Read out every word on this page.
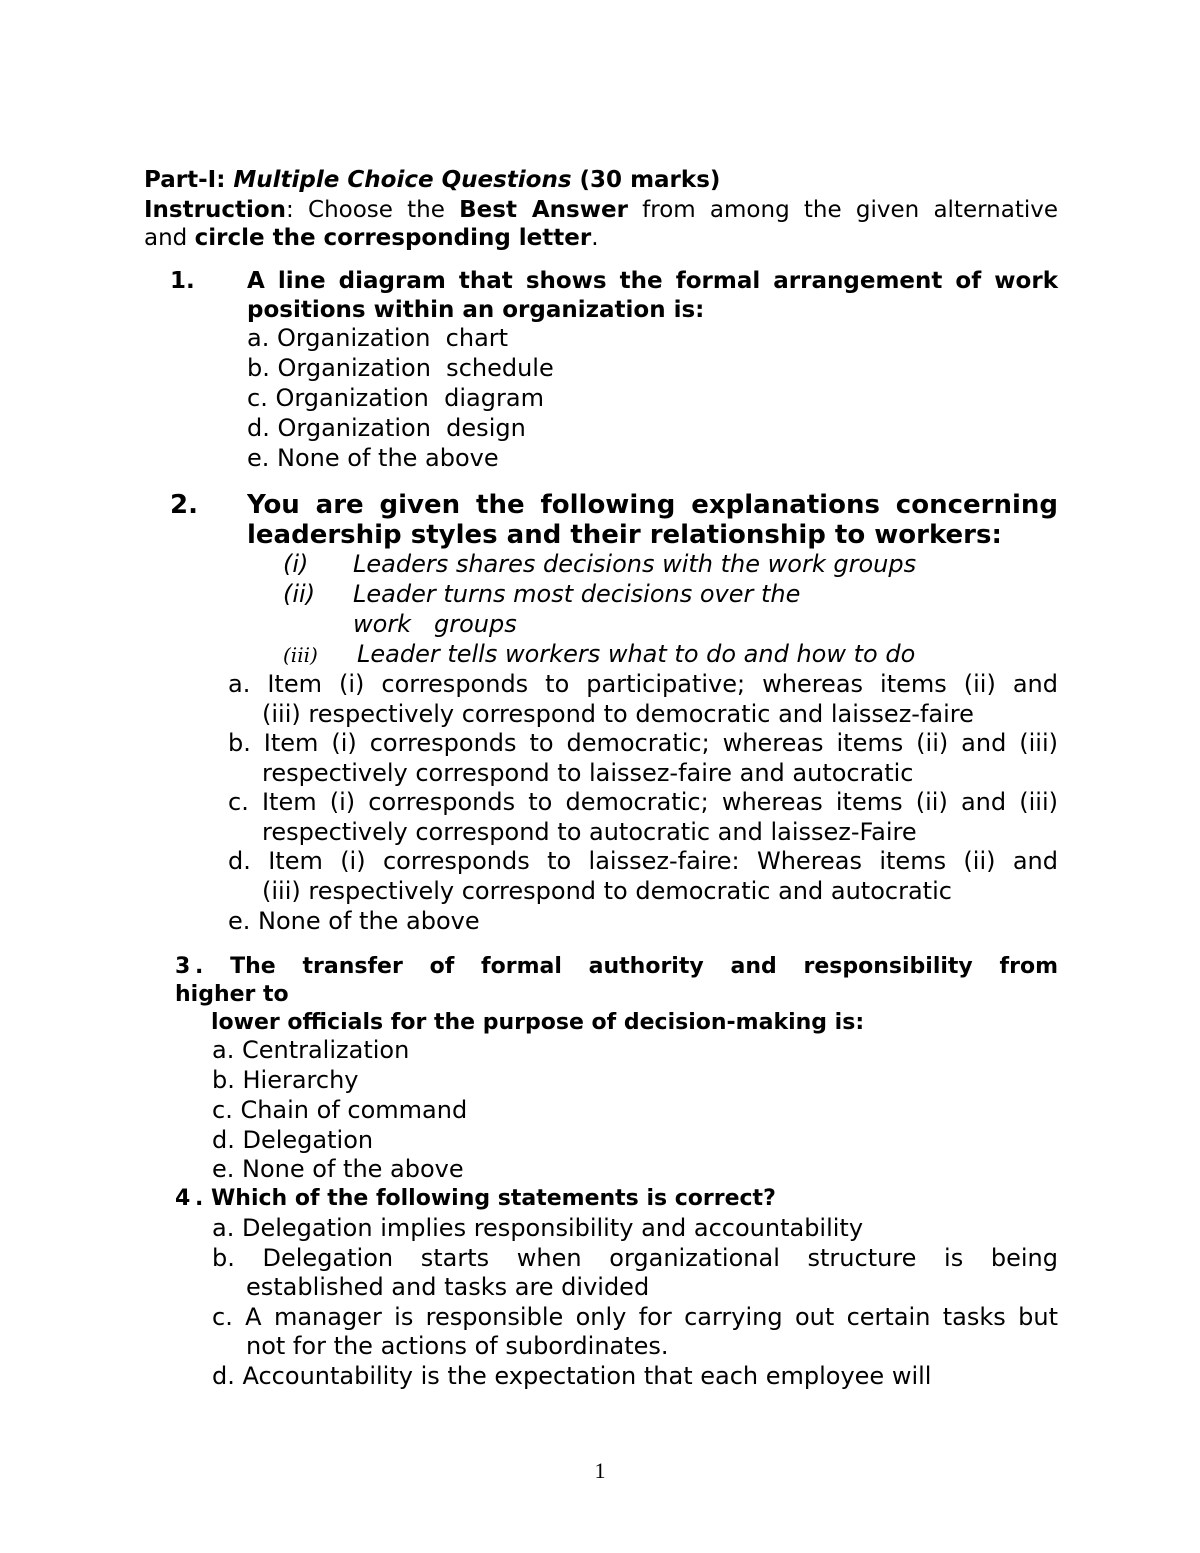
Part-I: Multiple Choice Questions (30 marks)
Instruction: Choose the Best Answer from among the given alternative
and circle the corresponding letter.
1. A line diagram that shows the formal arrangement of work
positions within an organization is:
a. Organization  chart
b. Organization  schedule
c. Organization  diagram
d. Organization  design
e. None of the above
2. You are given the following explanations concerning
leadership styles and their relationship to workers:
(i) Leaders shares decisions with the work groups
(ii) Leader turns most decisions over the
work   groups
(iii) Leader tells workers what to do and how to do
a. Item (i) corresponds to participative; whereas items (ii) and
(iii) respectively correspond to democratic and laissez-faire
b. Item (i) corresponds to democratic; whereas items (ii) and (iii)
respectively correspond to laissez-faire and autocratic
c. Item (i) corresponds to democratic; whereas items (ii) and (iii)
respectively correspond to autocratic and laissez-Faire
d. Item (i) corresponds to laissez-faire: Whereas items (ii) and
(iii) respectively correspond to democratic and autocratic
e. None of the above
3 . The transfer of formal authority and responsibility from
higher to
lower officials for the purpose of decision-making is:
a. Centralization
b. Hierarchy
c. Chain of command
d. Delegation
e. None of the above
4 . Which of the following statements is correct?
a. Delegation implies responsibility and accountability
b. Delegation starts when organizational structure is being
established and tasks are divided
c. A manager is responsible only for carrying out certain tasks but
not for the actions of subordinates.
d. Accountability is the expectation that each employee will
1
